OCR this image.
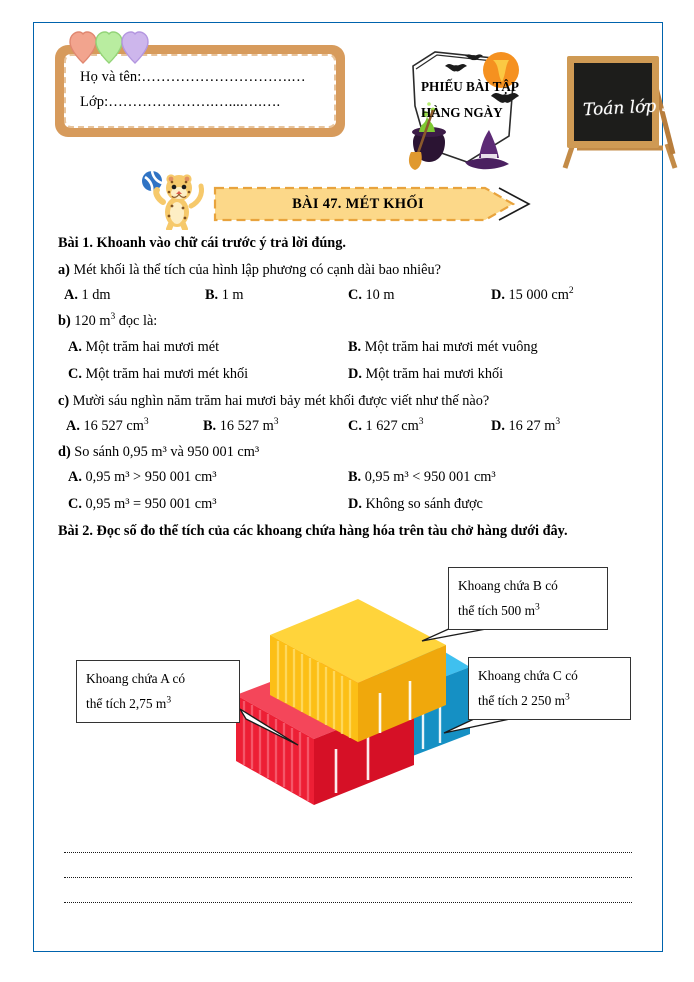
Họ và tên:………………………….…
Lớp:………………….…....….….
PHIẾU BÀI TẬP HÀNG NGÀY	Toán lớp 5
BÀI 47. MÉT KHỐI
Bài 1. Khoanh vào chữ cái trước ý trả lời đúng.
a) Mét khối là thể tích của hình lập phương có cạnh dài bao nhiêu?
A. 1 dm	B. 1 m	C. 10 m	D. 15 000 $cm^2$
b) 120 $m^3$ đọc là:
A. Một trăm hai mươi mét	B. Một trăm hai mươi mét vuông
C. Một trăm hai mươi mét khối	D. Một trăm hai mươi khối
c) Mười sáu nghìn năm trăm hai mươi bảy mét khối được viết như thế nào?
A. 16 527 $cm^3$	B. 16 527 $m^3$	C. 1 627 $cm^3$	D. 16 27 $m^3$
d) So sánh 0,95 m³ và 950 001 cm³
A. 0,95 m³ > 950 001 cm³	B. 0,95 m³ < 950 001 cm³
C. 0,95 m³ = 950 001 cm³	D. Không so sánh được
Bài 2. Đọc số đo thể tích của các khoang chứa hàng hóa trên tàu chở hàng dưới đây.
Khoang chứa A có
thể tích 2,75 $m^3$
Khoang chứa B có
thể tích 500 $m^3$
Khoang chứa C có
thể tích 2 250 $m^3$
